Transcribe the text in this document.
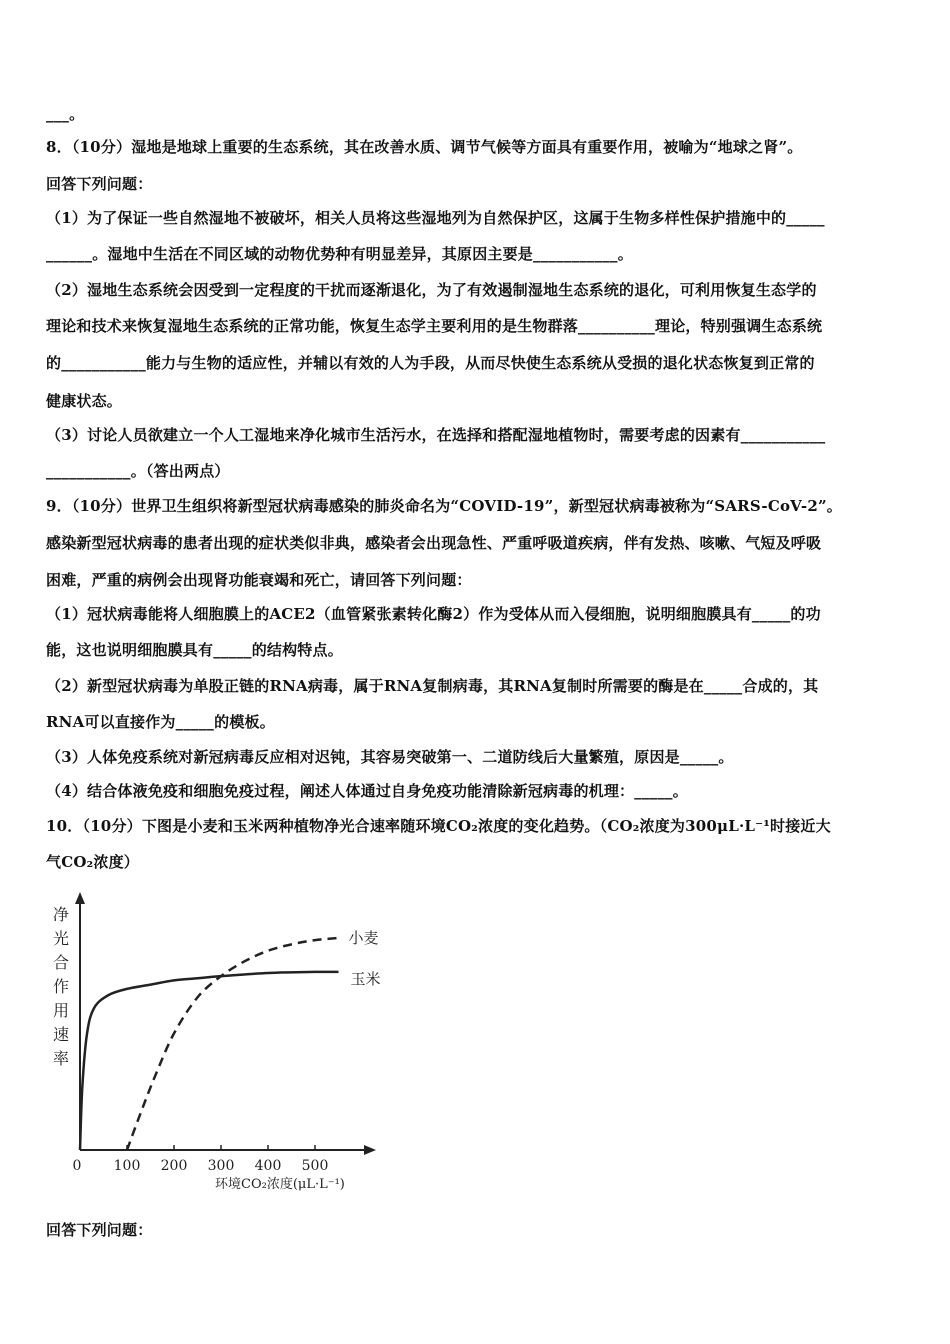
___。
8．（10分）湿地是地球上重要的生态系统，其在改善水质、调节气候等方面具有重要作用，被喻为“地球之肾”。
回答下列问题：
（1）为了保证一些自然湿地不被破坏，相关人员将这些湿地列为自然保护区，这属于生物多样性保护措施中的_____
______。湿地中生活在不同区域的动物优势种有明显差异，其原因主要是___________。
（2）湿地生态系统会因受到一定程度的干扰而逐渐退化，为了有效遏制湿地生态系统的退化，可利用恢复生态学的
理论和技术来恢复湿地生态系统的正常功能，恢复生态学主要利用的是生物群落__________理论，特别强调生态系统
的___________能力与生物的适应性，并辅以有效的人为手段，从而尽快使生态系统从受损的退化状态恢复到正常的
健康状态。
（3）讨论人员欲建立一个人工湿地来净化城市生活污水，在选择和搭配湿地植物时，需要考虑的因素有___________
___________。（答出两点）
9．（10分）世界卫生组织将新型冠状病毒感染的肺炎命名为“COVID-19”，新型冠状病毒被称为“SARS-CoV-2”。
感染新型冠状病毒的患者出现的症状类似非典，感染者会出现急性、严重呼吸道疾病，伴有发热、咳嗽、气短及呼吸
困难，严重的病例会出现肾功能衰竭和死亡，请回答下列问题：
（1）冠状病毒能将人细胞膜上的ACE2（血管紧张素转化酶2）作为受体从而入侵细胞，说明细胞膜具有_____的功
能，这也说明细胞膜具有_____的结构特点。
（2）新型冠状病毒为单股正链的RNA病毒，属于RNA复制病毒，其RNA复制时所需要的酶是在_____合成的，其
RNA可以直接作为_____的模板。
（3）人体免疫系统对新冠病毒反应相对迟钝，其容易突破第一、二道防线后大量繁殖，原因是_____。
（4）结合体液免疫和细胞免疫过程，阐述人体通过自身免疫功能清除新冠病毒的机理：_____。
10．（10分）下图是小麦和玉米两种植物净光合速率随环境CO₂浓度的变化趋势。（CO₂浓度为300μL·L⁻¹时接近大
气CO₂浓度）
净
光
合
作
用
速
率
0 100 200 300 400 500
小麦
玉米
环境CO₂浓度(μL·L⁻¹)
回答下列问题：
